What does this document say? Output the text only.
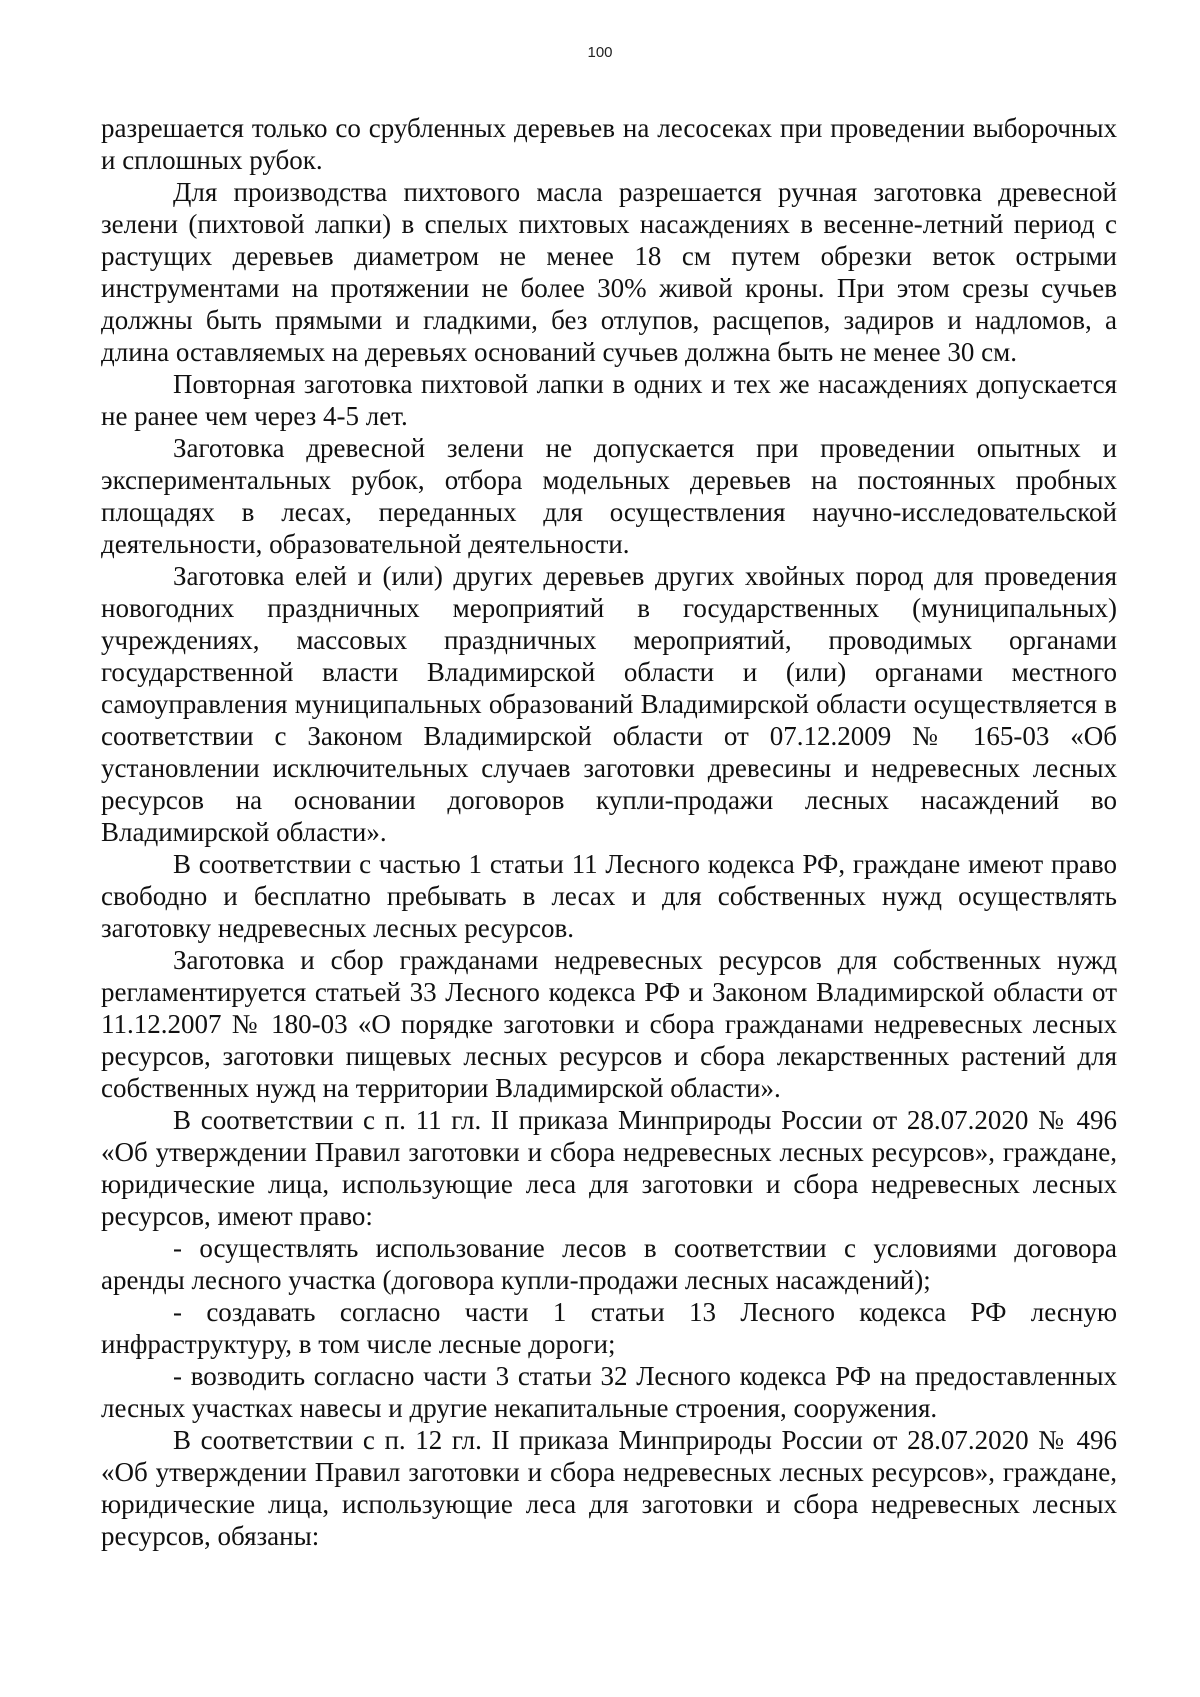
100

разрешается только со срубленных деревьев на лесосеках при проведении выборочных и сплошных рубок.

Для производства пихтового масла разрешается ручная заготовка древесной зелени (пихтовой лапки) в спелых пихтовых насаждениях в весенне-летний период с растущих деревьев диаметром не менее 18 см путем обрезки веток острыми инструментами на протяжении не более 30% живой кроны. При этом срезы сучьев должны быть прямыми и гладкими, без отлупов, расщепов, задиров и надломов, а длина оставляемых на деревьях оснований сучьев должна быть не менее 30 см.

Повторная заготовка пихтовой лапки в одних и тех же насаждениях допускается не ранее чем через 4-5 лет.

Заготовка древесной зелени не допускается при проведении опытных и экспериментальных рубок, отбора модельных деревьев на постоянных пробных площадях в лесах, переданных для осуществления научно-исследовательской деятельности, образовательной деятельности.

Заготовка елей и (или) других деревьев других хвойных пород для проведения новогодних праздничных мероприятий в государственных (муниципальных) учреждениях, массовых праздничных мероприятий, проводимых органами государственной власти Владимирской области и (или) органами местного самоуправления муниципальных образований Владимирской области осуществляется в соответствии с Законом Владимирской области от 07.12.2009 № 165-03 «Об установлении исключительных случаев заготовки древесины и недревесных лесных ресурсов на основании договоров купли-продажи лесных насаждений во Владимирской области».

В соответствии с частью 1 статьи 11 Лесного кодекса РФ, граждане имеют право свободно и бесплатно пребывать в лесах и для собственных нужд осуществлять заготовку недревесных лесных ресурсов.

Заготовка и сбор гражданами недревесных ресурсов для собственных нужд регламентируется статьей 33 Лесного кодекса РФ и Законом Владимирской области от 11.12.2007 № 180-03 «О порядке заготовки и сбора гражданами недревесных лесных ресурсов, заготовки пищевых лесных ресурсов и сбора лекарственных растений для собственных нужд на территории Владимирской области».

В соответствии с п. 11 гл. II приказа Минприроды России от 28.07.2020 № 496 «Об утверждении Правил заготовки и сбора недревесных лесных ресурсов», граждане, юридические лица, использующие леса для заготовки и сбора недревесных лесных ресурсов, имеют право:

- осуществлять использование лесов в соответствии с условиями договора аренды лесного участка (договора купли-продажи лесных насаждений);

- создавать согласно части 1 статьи 13 Лесного кодекса РФ лесную инфраструктуру, в том числе лесные дороги;

- возводить согласно части 3 статьи 32 Лесного кодекса РФ на предоставленных лесных участках навесы и другие некапитальные строения, сооружения.

В соответствии с п. 12 гл. II приказа Минприроды России от 28.07.2020 № 496 «Об утверждении Правил заготовки и сбора недревесных лесных ресурсов», граждане, юридические лица, использующие леса для заготовки и сбора недревесных лесных ресурсов, обязаны:
